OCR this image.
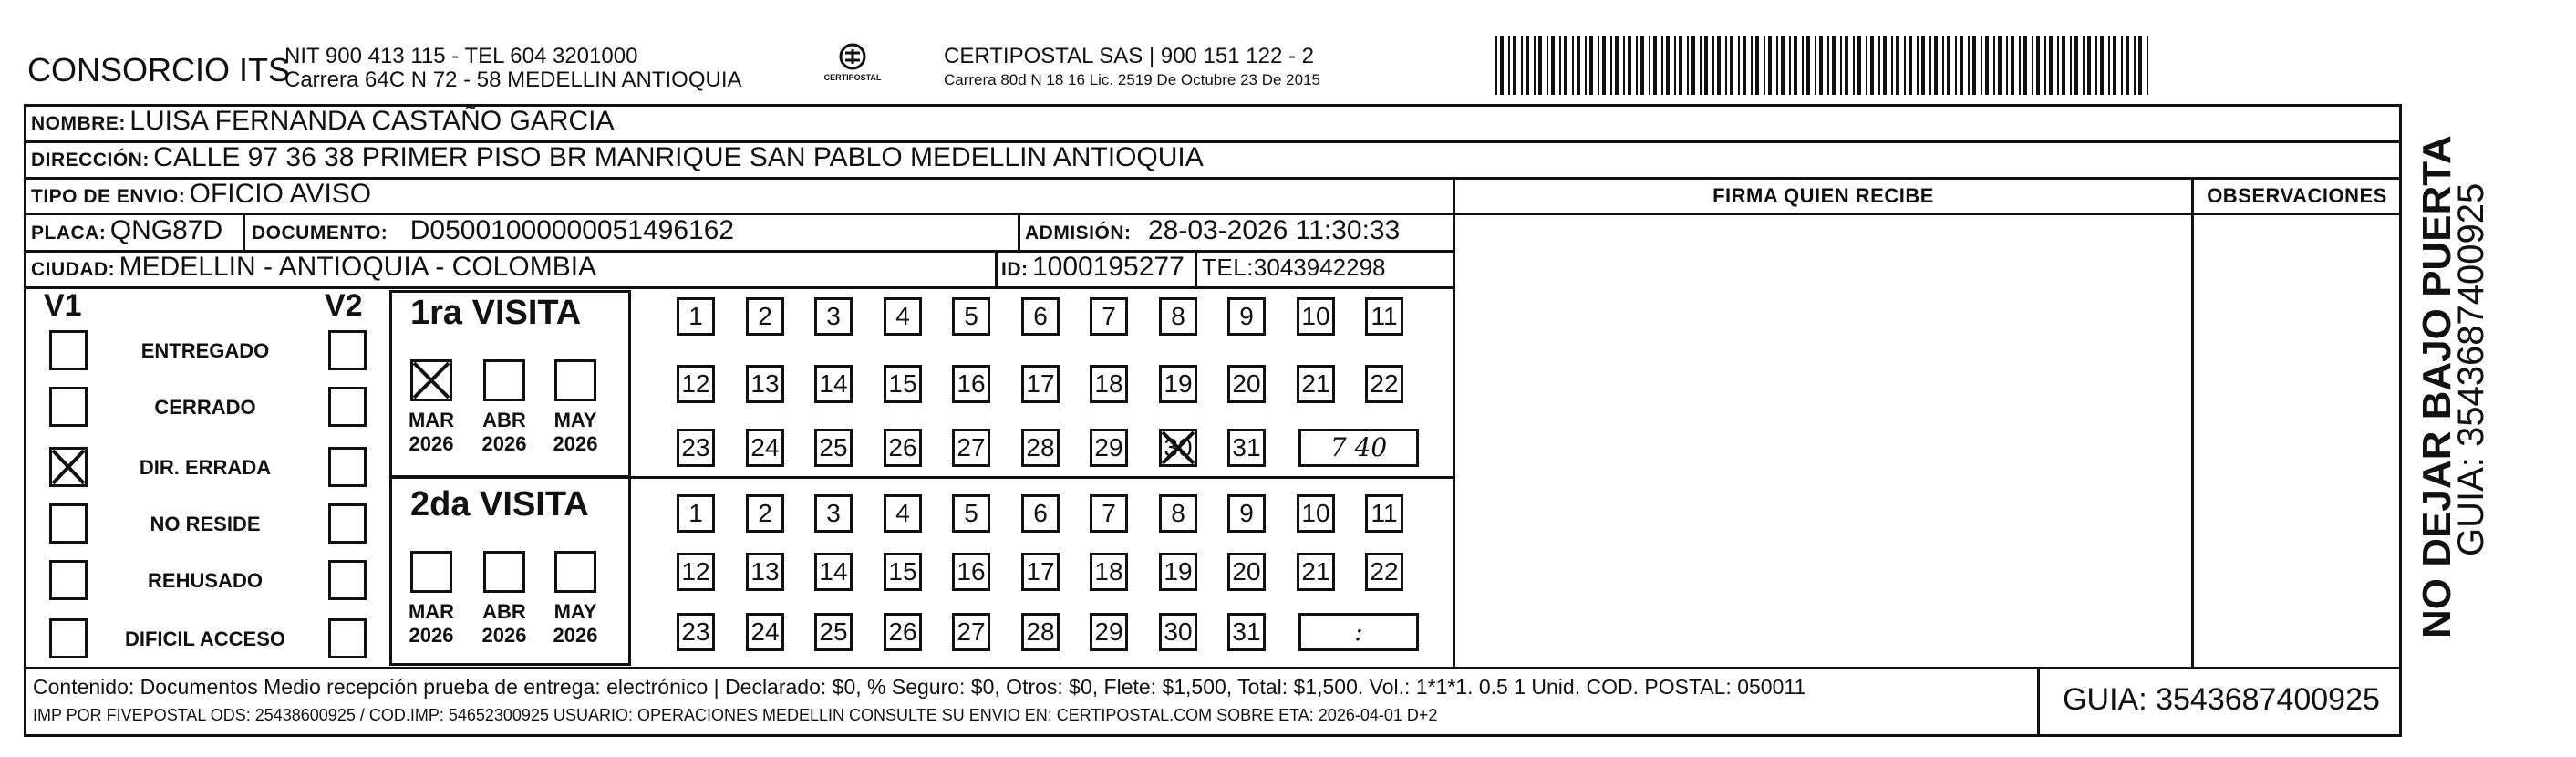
CONSORCIO ITS
NIT 900 413 115 - TEL 604 3201000
Carrera 64C N 72 - 58 MEDELLIN ANTIOQUIA	CERTIPOSTAL
CERTIPOSTAL SAS | 900 151 122 - 2
Carrera 80d N 18 16 Lic. 2519 De Octubre 23 De 2015
NOMBRE: LUISA FERNANDA CASTAÑO GARCIA
DIRECCIÓN: CALLE 97 36 38 PRIMER PISO BR MANRIQUE SAN PABLO MEDELLIN ANTIOQUIA
TIPO DE ENVIO: OFICIO AVISO
PLACA: QNG87D DOCUMENTO: D05001000000051496162	ADMISIÓN: 28-03-2026 11:30:33
CIUDAD: MEDELLIN - ANTIOQUIA - COLOMBIA	ID: 1000195277 TEL:3043942298
FIRMA QUIEN RECIBE	OBSERVACIONES
V1	V2
ENTREGADO
CERRADO
DIR. ERRADA
NO RESIDE
REHUSADO
DIFICIL ACCESO
1ra VISITA
2da VISITA
MAR
2026
ABR
2026
MAY
2026
MAR
2026
ABR
2026
MAY
2026
1	2	3	4	5	6	7	8	9	10 11
12 13 14 15 16 17 18 19 20 21 22
23 24 25 26 27 28 29 30 31	7 40
1	2	3	4	5	6	7	8	9	10 11
12 13 14 15 16 17 18 19 20 21 22
23 24 25 26 27 28 29 30 31	:
Contenido: Documentos Medio recepción prueba de entrega: electrónico | Declarado: $0, % Seguro: $0, Otros: $0, Flete: $1,500, Total: $1,500. Vol.: 1*1*1. 0.5 1 Unid. COD. POSTAL: 050011
IMP POR FIVEPOSTAL ODS: 25438600925 / COD.IMP: 54652300925 USUARIO: OPERACIONES MEDELLIN CONSULTE SU ENVIO EN: CERTIPOSTAL.COM SOBRE ETA: 2026-04-01 D+2	GUIA: 3543687400925
NO DEJAR BAJO PUERTA
GUIA: 3543687400925
